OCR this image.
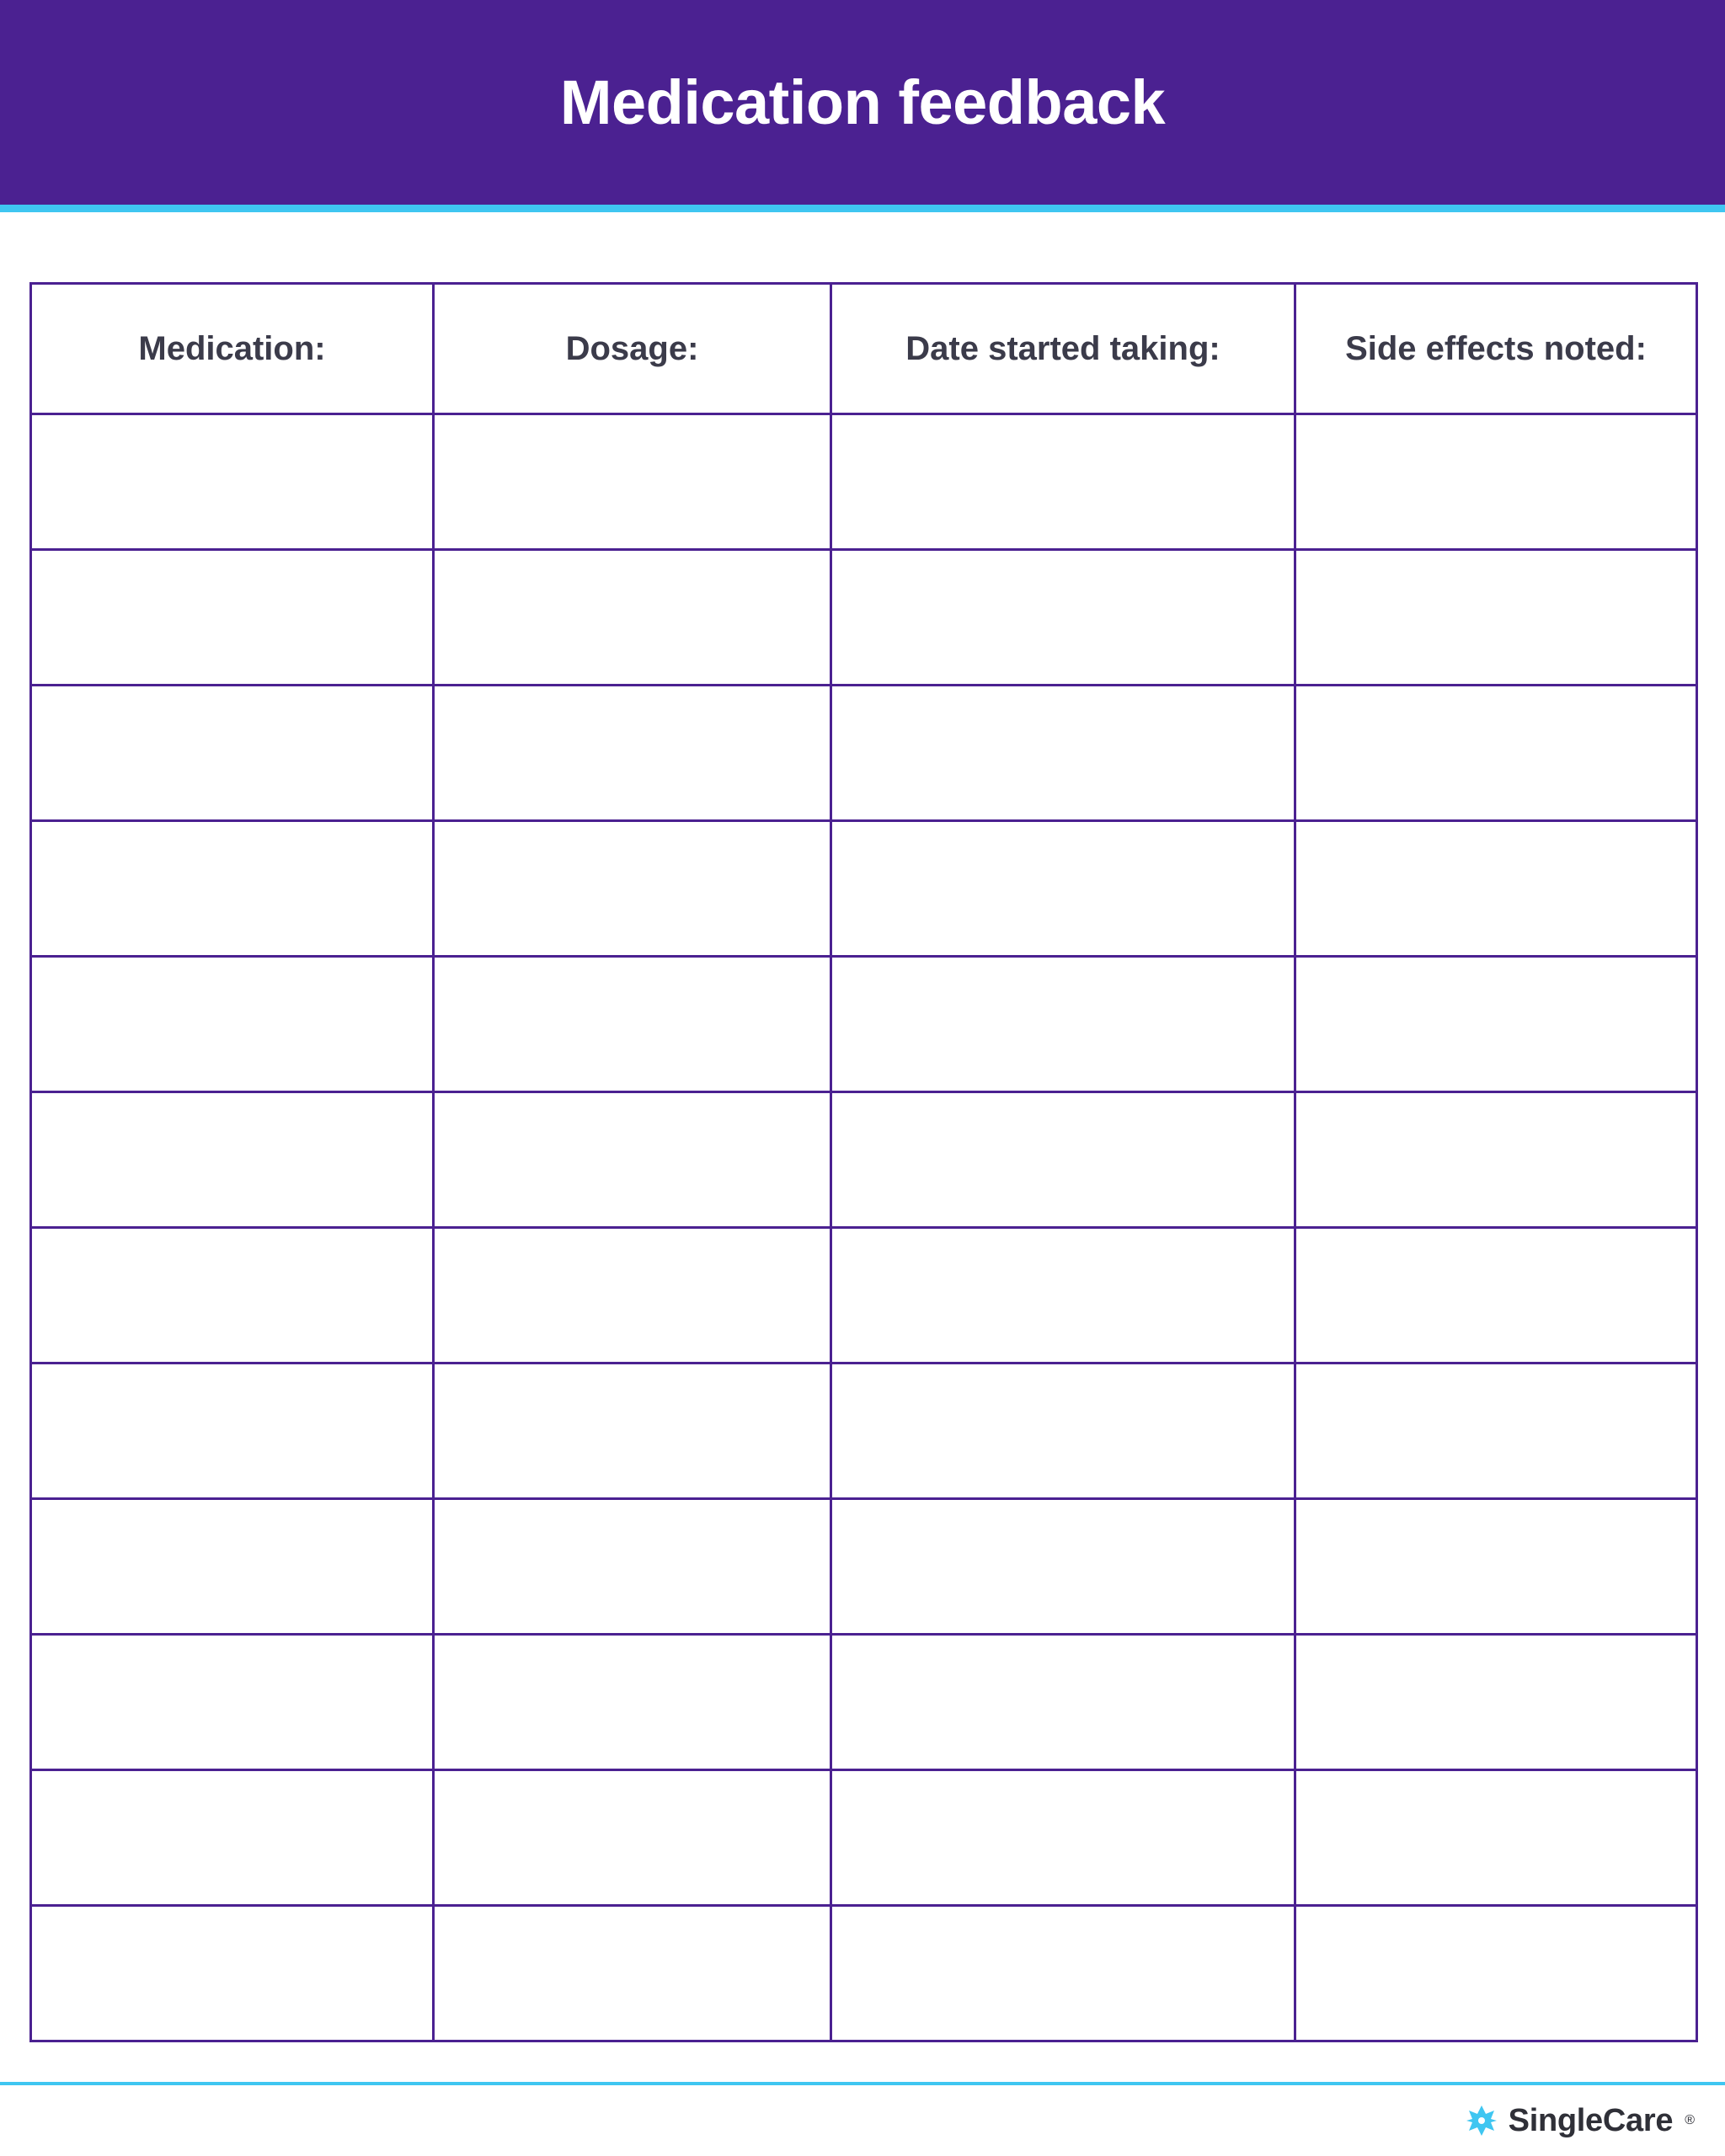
Medication feedback
Medication:	Dosage:	Date started taking:	Side effects noted:

SingleCare ®
